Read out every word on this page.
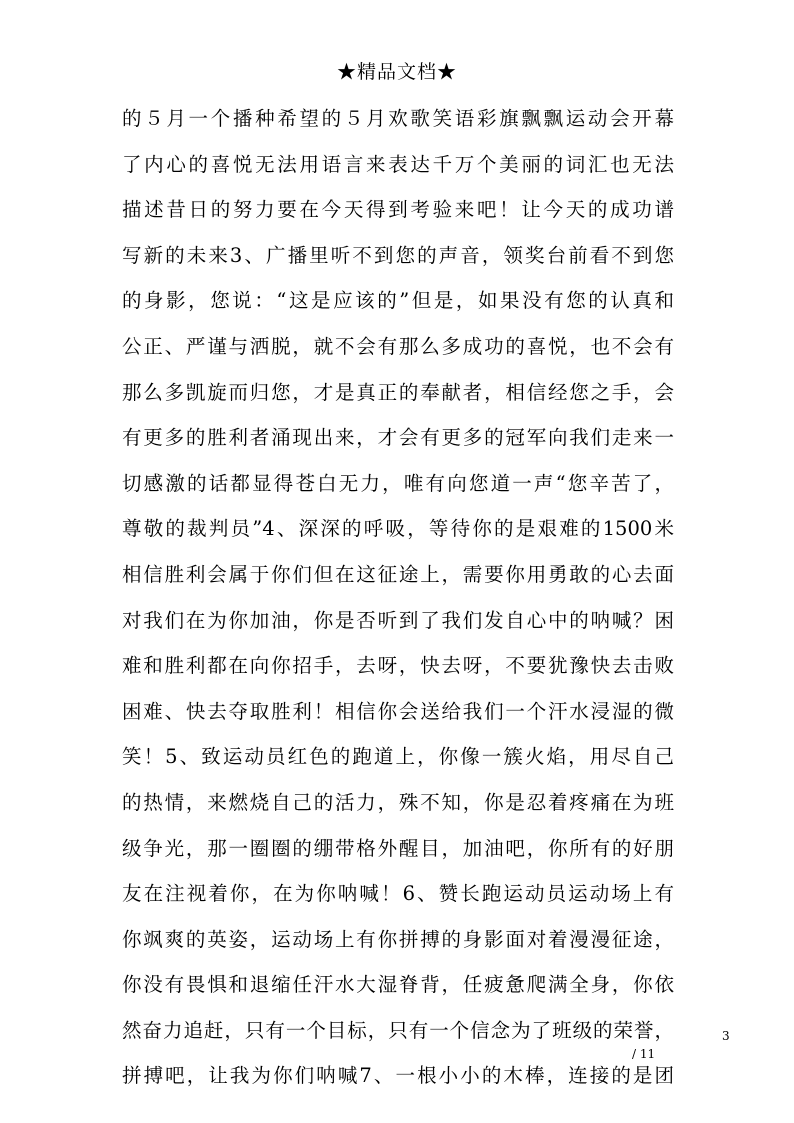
★精品文档★
的５月一个播种希望的５月欢歌笑语彩旗飘飘运动会开幕
了内心的喜悦无法用语言来表达千万个美丽的词汇也无法
描述昔日的努力要在今天得到考验来吧！让今天的成功谱
写新的未来3、广播里听不到您的声音，领奖台前看不到您
的身影，您说：“这是应该的”但是，如果没有您的认真和
公正、严谨与洒脱，就不会有那么多成功的喜悦，也不会有
那么多凯旋而归您，才是真正的奉献者，相信经您之手，会
有更多的胜利者涌现出来，才会有更多的冠军向我们走来一
切感激的话都显得苍白无力，唯有向您道一声“您辛苦了，
尊敬的裁判员”4、深深的呼吸，等待你的是艰难的1500米
相信胜利会属于你们但在这征途上，需要你用勇敢的心去面
对我们在为你加油，你是否听到了我们发自心中的呐喊？困
难和胜利都在向你招手，去呀，快去呀，不要犹豫快去击败
困难、快去夺取胜利！相信你会送给我们一个汗水浸湿的微
笑！5、致运动员红色的跑道上，你像一簇火焰，用尽自己
的热情，来燃烧自己的活力，殊不知，你是忍着疼痛在为班
级争光，那一圈圈的绷带格外醒目，加油吧，你所有的好朋
友在注视着你，在为你呐喊！6、赞长跑运动员运动场上有
你飒爽的英姿，运动场上有你拼搏的身影面对着漫漫征途，
你没有畏惧和退缩任汗水大湿脊背，任疲惫爬满全身，你依
然奋力追赶，只有一个目标，只有一个信念为了班级的荣誉，
拼搏吧，让我为你们呐喊7、一根小小的木棒，连接的是团
3
/ 11
